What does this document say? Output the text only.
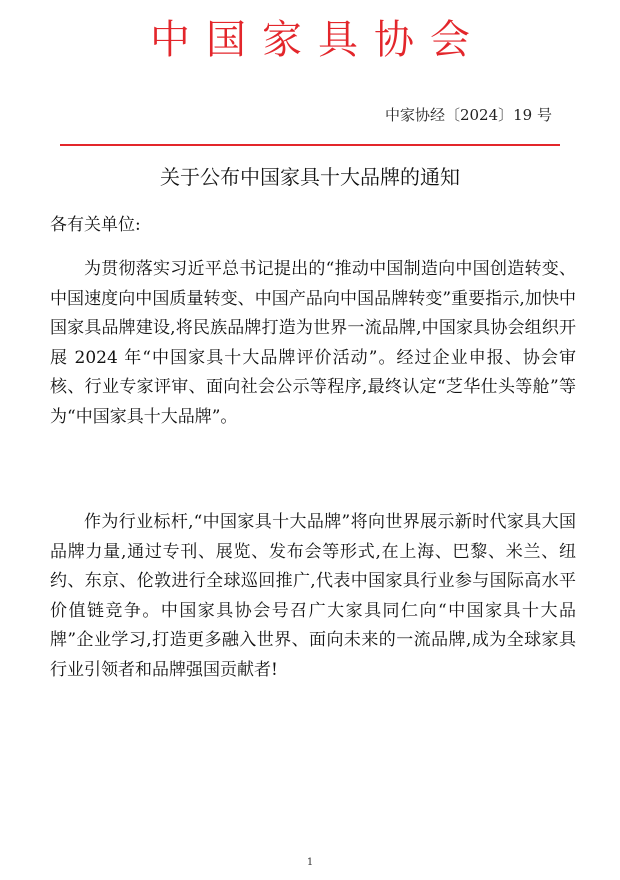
中国家具协会
中家协经〔2024〕19 号
关于公布中国家具十大品牌的通知
各有关单位:

为贯彻落实习近平总书记提出的“推动中国制造向中国创造转变、中国速度向中国质量转变、中国产品向中国品牌转变”重要指示,加快中国家具品牌建设,将民族品牌打造为世界一流品牌,中国家具协会组织开展 2024 年“中国家具十大品牌评价活动”。经过企业申报、协会审核、行业专家评审、面向社会公示等程序,最终认定“芝华仕头等舱”等为“中国家具十大品牌”。

作为行业标杆,“中国家具十大品牌”将向世界展示新时代家具大国品牌力量,通过专刊、展览、发布会等形式,在上海、巴黎、米兰、纽约、东京、伦敦进行全球巡回推广,代表中国家具行业参与国际高水平价值链竞争。中国家具协会号召广大家具同仁向“中国家具十大品牌”企业学习,打造更多融入世界、面向未来的一流品牌,成为全球家具行业引领者和品牌强国贡献者!

1
